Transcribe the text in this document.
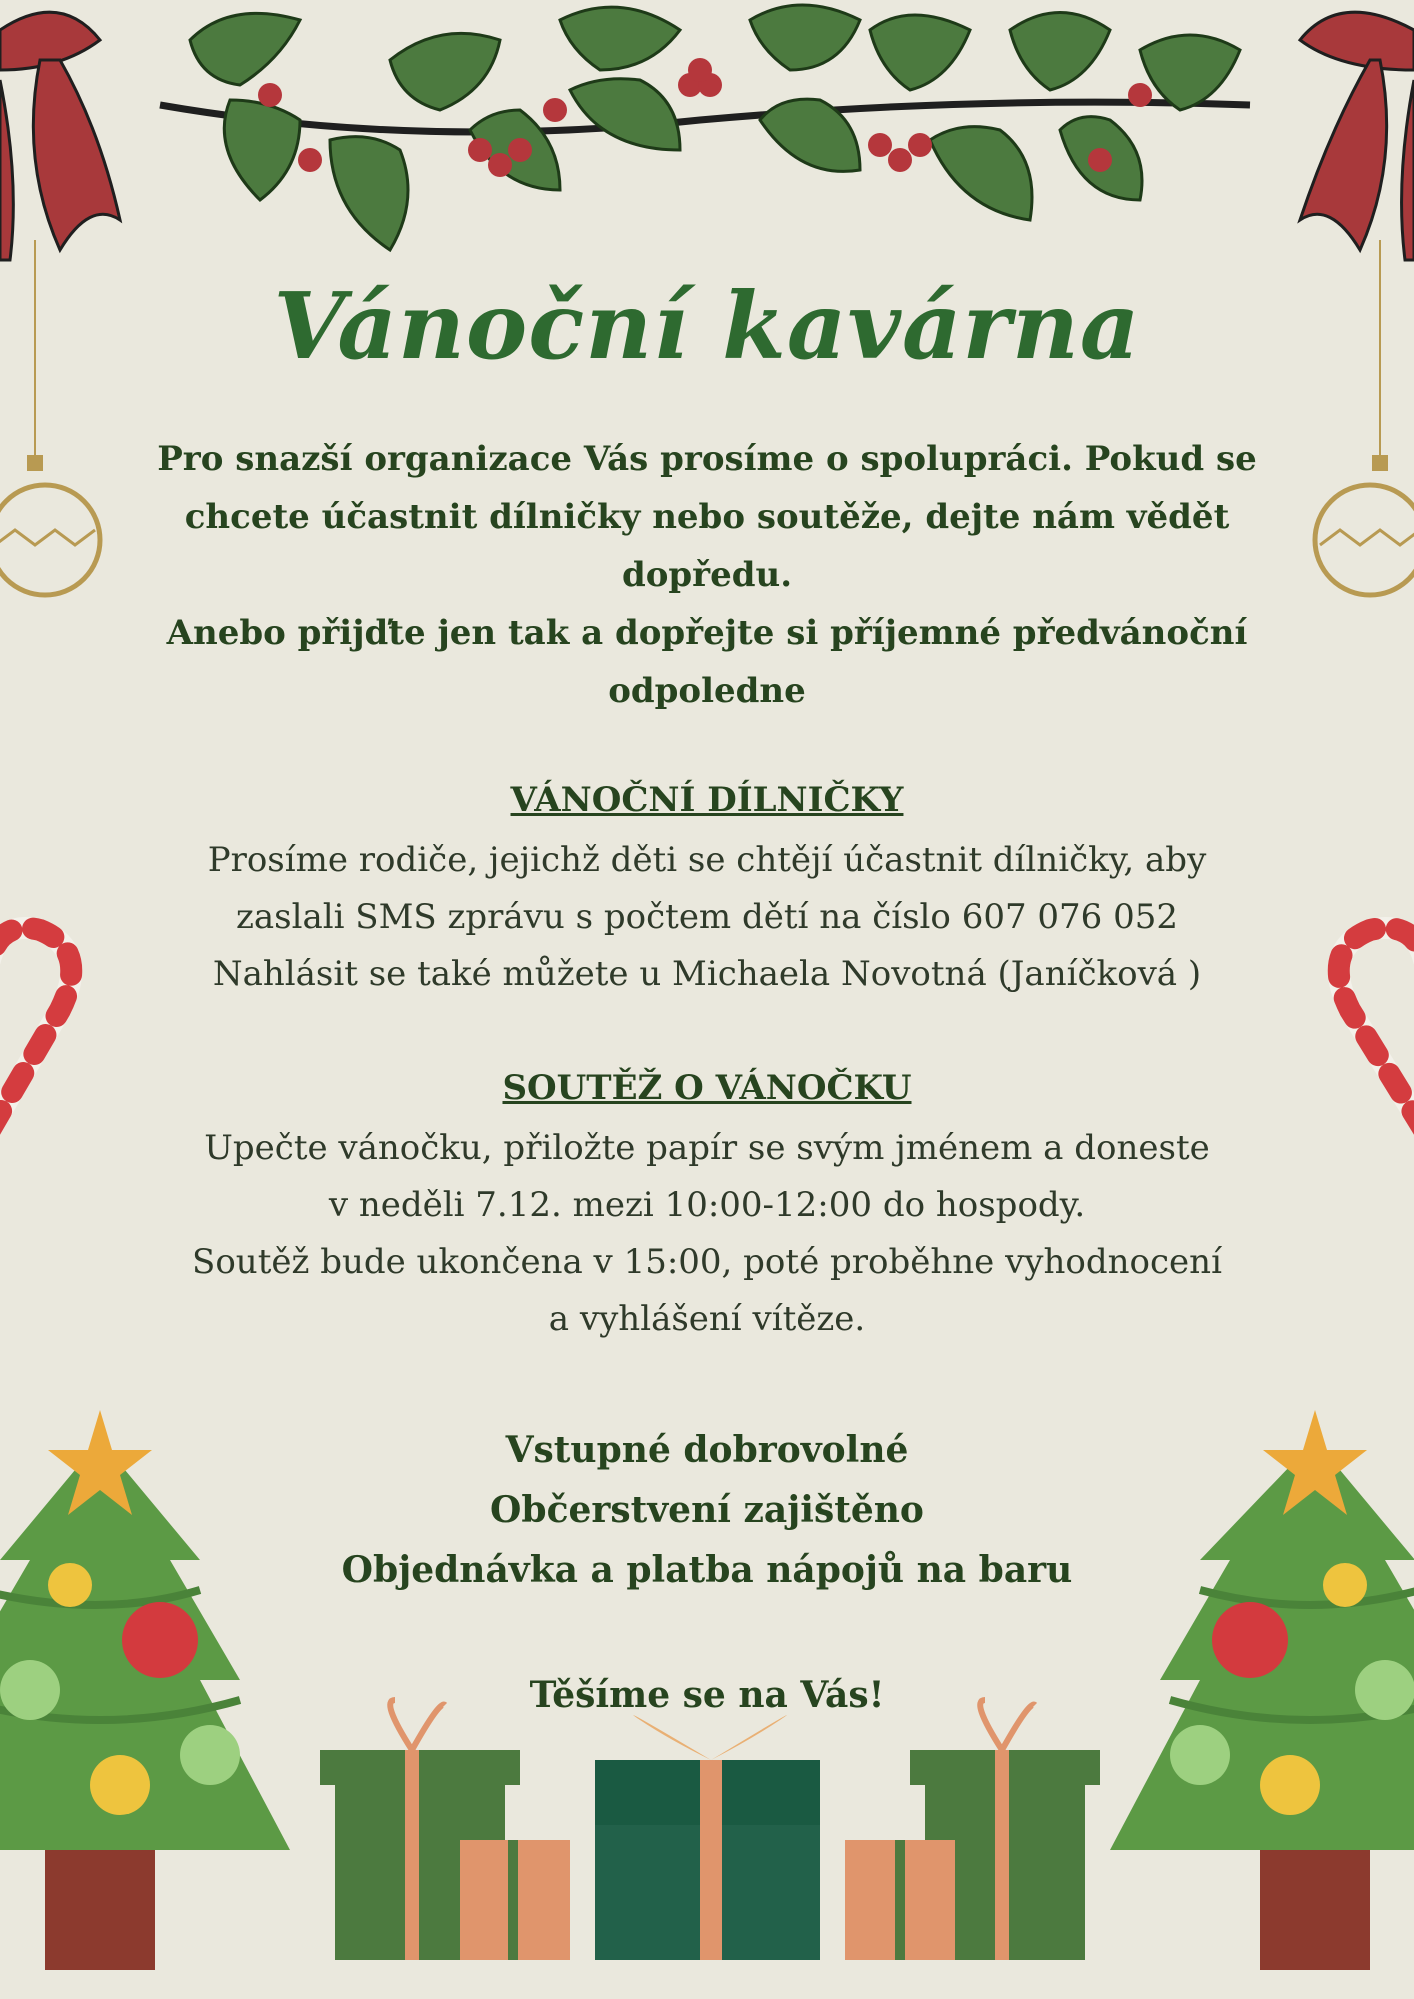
Vánoční kavárna
Pro snazší organizace Vás prosíme o spolupráci. Pokud se
chcete účastnit dílničky nebo soutěže, dejte nám vědět
dopředu.
Anebo přijďte jen tak a dopřejte si příjemné předvánoční
odpoledne
VÁNOČNÍ DÍLNIČKY
Prosíme rodiče, jejichž děti se chtějí účastnit dílničky, aby
zaslali SMS zprávu s počtem dětí na číslo 607 076 052
Nahlásit se také můžete u Michaela Novotná (Janíčková )
SOUTĚŽ O VÁNOČKU
Upečte vánočku, přiložte papír se svým jménem a doneste
v neděli 7.12. mezi 10:00-12:00 do hospody.
Soutěž bude ukončena v 15:00, poté proběhne vyhodnocení
a vyhlášení vítěze.
Vstupné dobrovolné
Občerstvení zajištěno
Objednávka a platba nápojů na baru
Těšíme se na Vás!
